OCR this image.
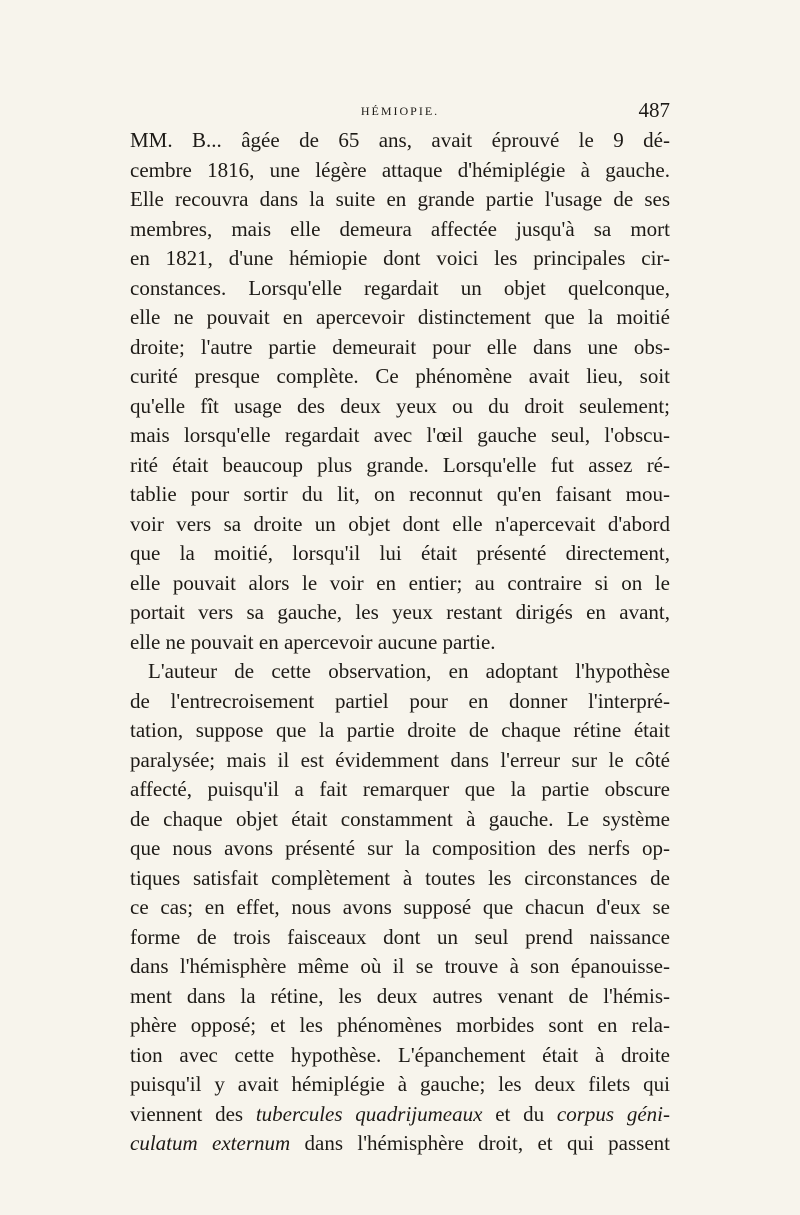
HÉMIOPIE.	487
MM. B... âgée de 65 ans, avait éprouvé le 9 dé-
cembre 1816, une légère attaque d'hémiplégie à gauche.
Elle recouvra dans la suite en grande partie l'usage de ses
membres, mais elle demeura affectée jusqu'à sa mort
en 1821, d'une hémiopie dont voici les principales cir-
constances. Lorsqu'elle regardait un objet quelconque,
elle ne pouvait en apercevoir distinctement que la moitié
droite; l'autre partie demeurait pour elle dans une obs-
curité presque complète. Ce phénomène avait lieu, soit
qu'elle fît usage des deux yeux ou du droit seulement;
mais lorsqu'elle regardait avec l'œil gauche seul, l'obscu-
rité était beaucoup plus grande. Lorsqu'elle fut assez ré-
tablie pour sortir du lit, on reconnut qu'en faisant mou-
voir vers sa droite un objet dont elle n'apercevait d'abord
que la moitié, lorsqu'il lui était présenté directement,
elle pouvait alors le voir en entier; au contraire si on le
portait vers sa gauche, les yeux restant dirigés en avant,
elle ne pouvait en apercevoir aucune partie.
L'auteur de cette observation, en adoptant l'hypothèse
de l'entrecroisement partiel pour en donner l'interpré-
tation, suppose que la partie droite de chaque rétine était
paralysée; mais il est évidemment dans l'erreur sur le côté
affecté, puisqu'il a fait remarquer que la partie obscure
de chaque objet était constamment à gauche. Le système
que nous avons présenté sur la composition des nerfs op-
tiques satisfait complètement à toutes les circonstances de
ce cas; en effet, nous avons supposé que chacun d'eux se
forme de trois faisceaux dont un seul prend naissance
dans l'hémisphère même où il se trouve à son épanouisse-
ment dans la rétine, les deux autres venant de l'hémis-
phère opposé; et les phénomènes morbides sont en rela-
tion avec cette hypothèse. L'épanchement était à droite
puisqu'il y avait hémiplégie à gauche; les deux filets qui
viennent des tubercules quadrijumeaux et du corpus géni-
culatum externum dans l'hémisphère droit, et qui passent
